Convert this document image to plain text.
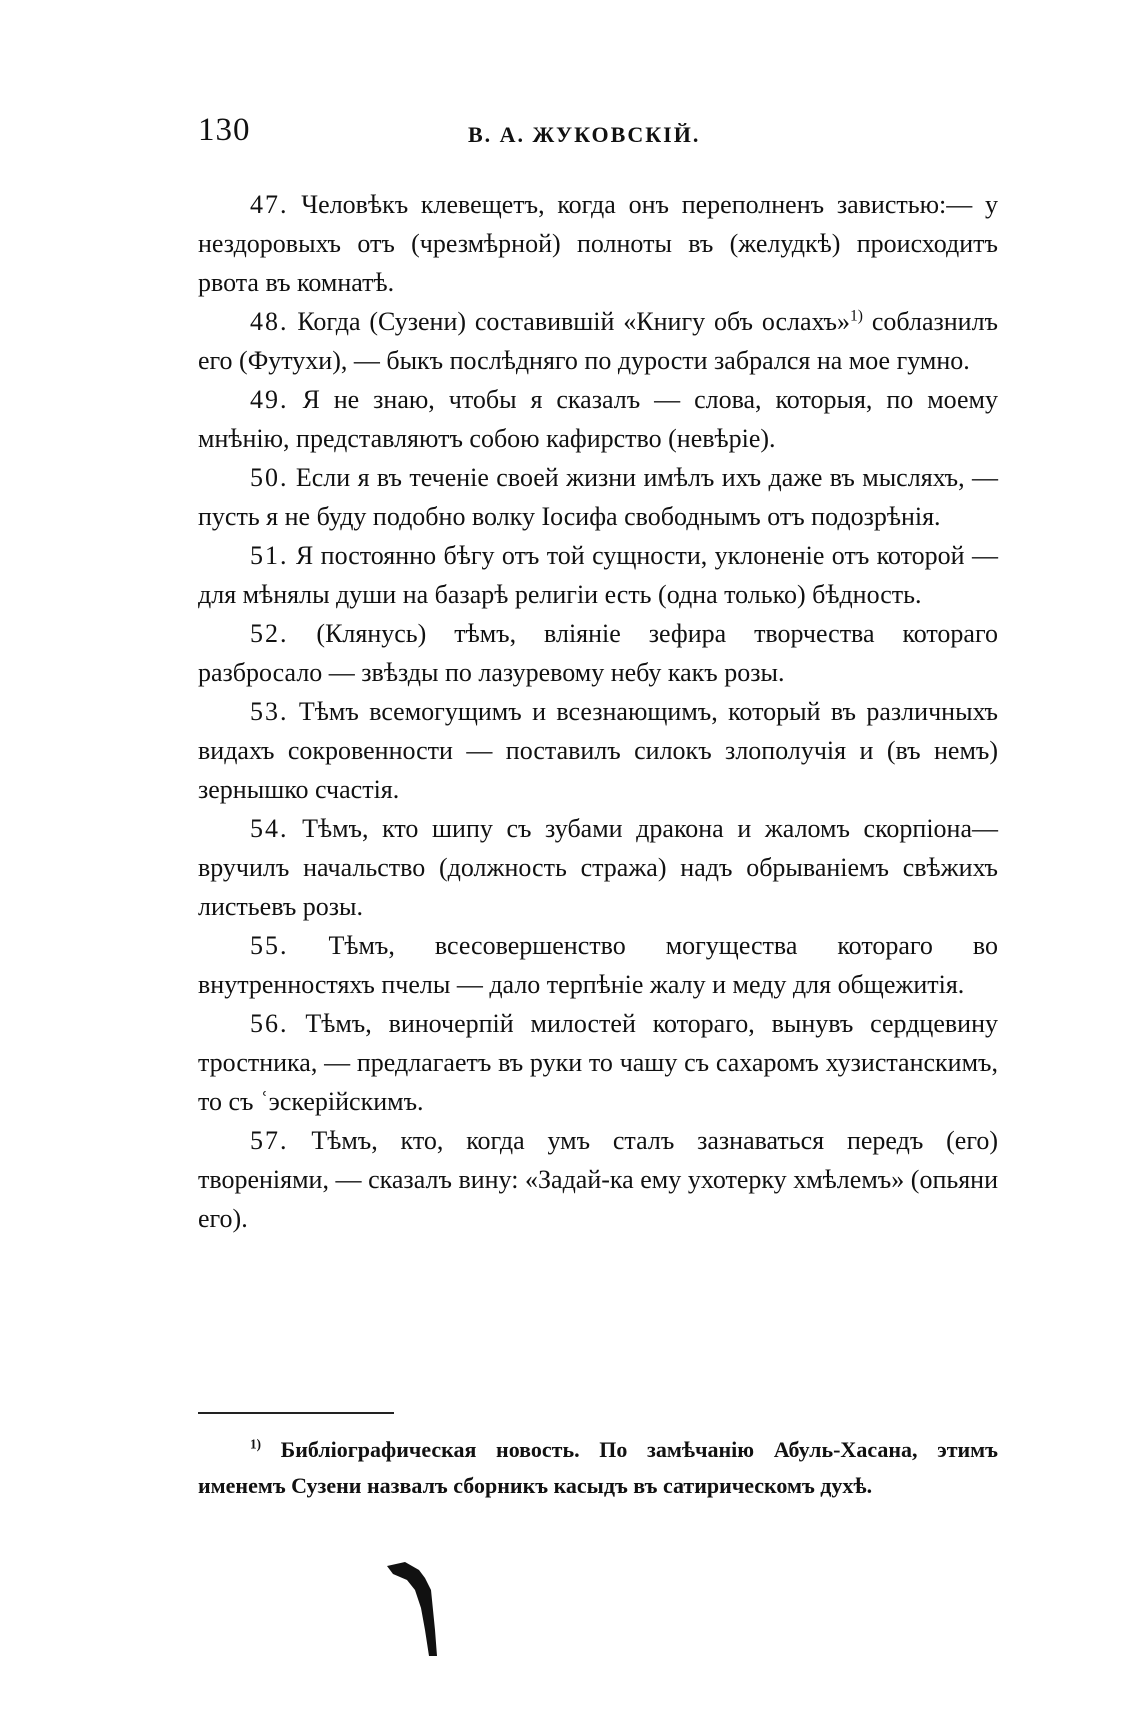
130	В. А. ЖУКОВСКІЙ.

47. Человѣкъ клевещетъ, когда онъ переполненъ завистью:— у нездоровыхъ отъ (чрезмѣрной) полноты въ (желудкѣ) происходитъ рвота въ комнатѣ.

48. Когда (Сузени) составившій «Книгу объ ослахъ»$^{1)}$ соблазнилъ его (Футухи), — быкъ послѣдняго по дурости забрался на мое гумно.

49. Я не знаю, чтобы я сказалъ — слова, которыя, по моему мнѣнію, представляютъ собою кафирство (невѣріе).

50. Если я въ теченіе своей жизни имѣлъ ихъ даже въ мысляхъ, — пусть я не буду подобно волку Іосифа свободнымъ отъ подозрѣнія.

51. Я постоянно бѣгу отъ той сущности, уклоненіе отъ которой — для мѣнялы души на базарѣ религіи есть (одна только) бѣдность.

52. (Клянусь) тѣмъ, вліяніе зефира творчества котораго разбросало — звѣзды по лазуревому небу какъ розы.

53. Тѣмъ всемогущимъ и всезнающимъ, который въ различныхъ видахъ сокровенности — поставилъ силокъ злополучія и (въ немъ) зернышко счастія.

54. Тѣмъ, кто шипу съ зубами дракона и жаломъ скорпіона— вручилъ начальство (должность стража) надъ обрываніемъ свѣжихъ листьевъ розы.

55. Тѣмъ, всесовершенство могущества котораго во внутренностяхъ пчелы — дало терпѣніе жалу и меду для общежитія.

56. Тѣмъ, виночерпій милостей котораго, вынувъ сердцевину тростника, — предлагаетъ въ руки то чашу съ сахаромъ хузистанскимъ, то съ ʿэскерійскимъ.

57. Тѣмъ, кто, когда умъ сталъ зазнаваться передъ (его) твореніями, — сказалъ вину: «Задай-ка ему ухотерку хмѣлемъ» (опьяни его).

$^{1)}$ Библіографическая новость. По замѣчанію Абуль-Хасана, этимъ именемъ Сузени назвалъ сборникъ касыдъ въ сатирическомъ духѣ.
